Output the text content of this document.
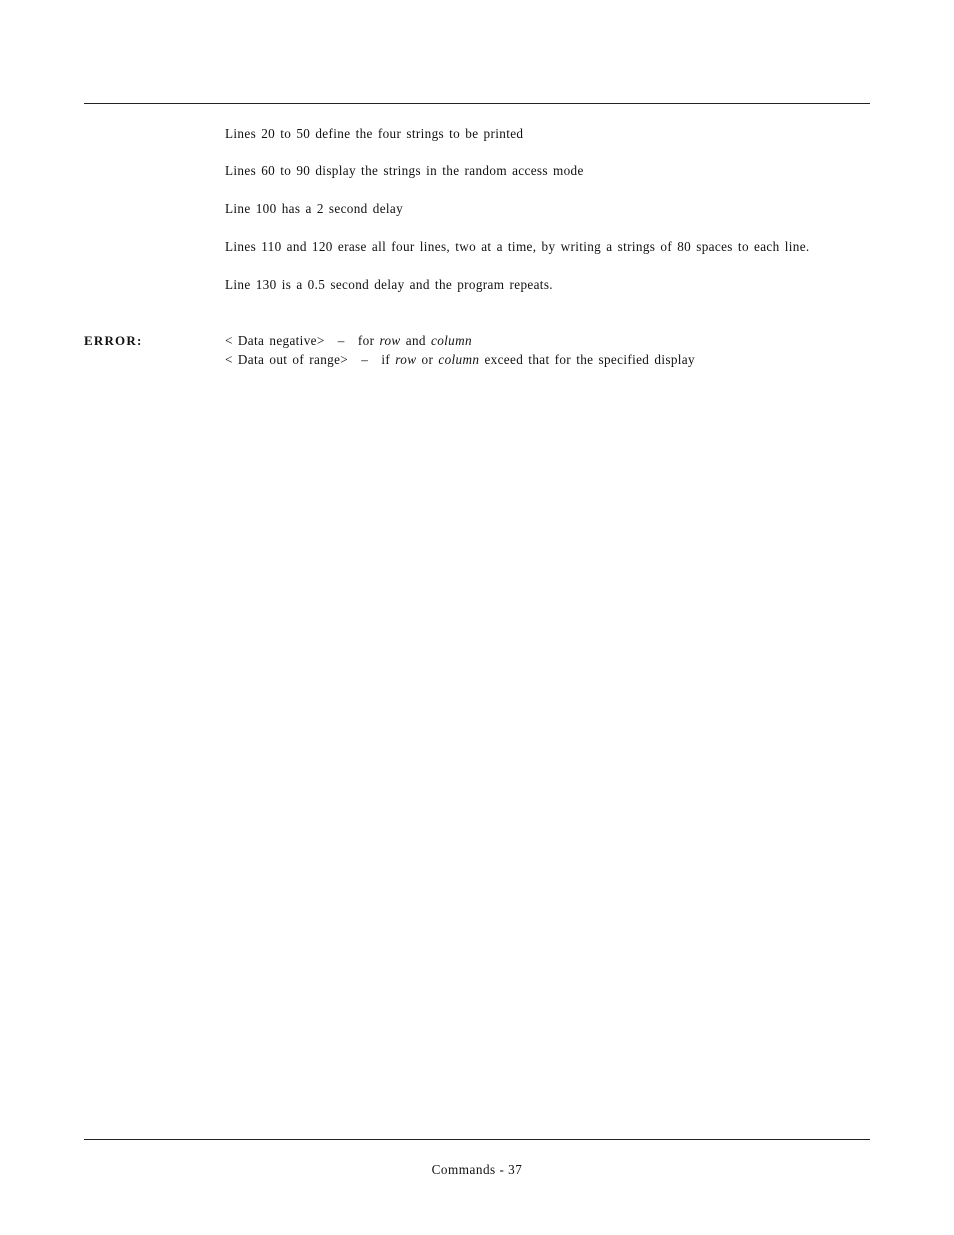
Lines 20 to 50 define the four strings to be printed
Lines 60 to 90 display the strings in the random access mode
Line 100 has a 2 second delay
Lines 110 and 120 erase all four lines, two at a time, by writing a strings of 80 spaces to each line.
Line 130 is a 0.5 second delay and the program repeats.
ERROR:	< Data negative> – for row and column
< Data out of range> – if row or column exceed that for the specified display
Commands - 37
